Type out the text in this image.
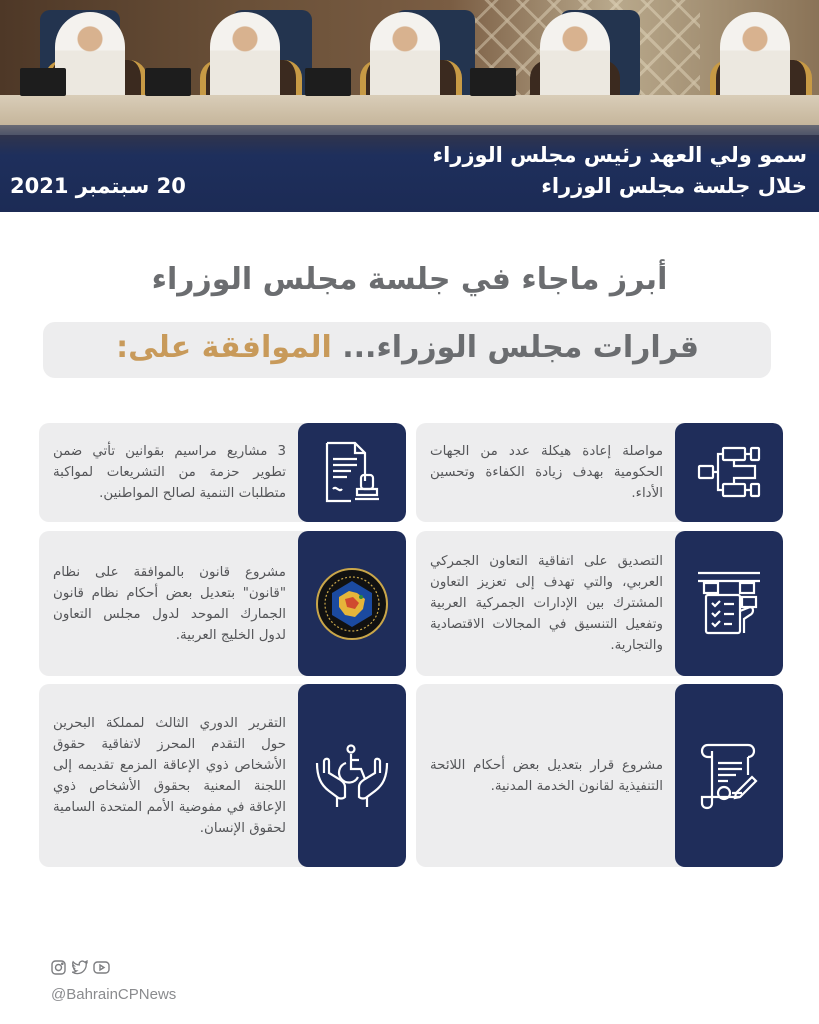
سمو ولي العهد رئيس مجلس الوزراء
خلال جلسة مجلس الوزراء
20 سبتمبر 2021
أبرز ماجاء في جلسة مجلس الوزراء
قرارات مجلس الوزراء... الموافقة على:

مواصلة إعادة هيكلة عدد من الجهات الحكومية بهدف زيادة الكفاءة وتحسين الأداء.

3 مشاريع مراسيم بقوانين تأتي ضمن تطوير حزمة من التشريعات لمواكبة متطلبات التنمية لصالح المواطنين.

التصديق على اتفاقية التعاون الجمركي العربي، والتي تهدف إلى تعزيز التعاون المشترك بين الإدارات الجمركية العربية وتفعيل التنسيق في المجالات الاقتصادية والتجارية.

مشروع قانون بالموافقة على نظام "قانون" بتعديل بعض أحكام نظام قانون الجمارك الموحد لدول مجلس التعاون لدول الخليج العربية.

مشروع قرار بتعديل بعض أحكام اللائحة التنفيذية لقانون الخدمة المدنية.

التقرير الدوري الثالث لمملكة البحرين حول التقدم المحرز لاتفاقية حقوق الأشخاص ذوي الإعاقة المزمع تقديمه إلى اللجنة المعنية بحقوق الأشخاص ذوي الإعاقة في مفوضية الأمم المتحدة السامية لحقوق الإنسان.

@BahrainCPNews
